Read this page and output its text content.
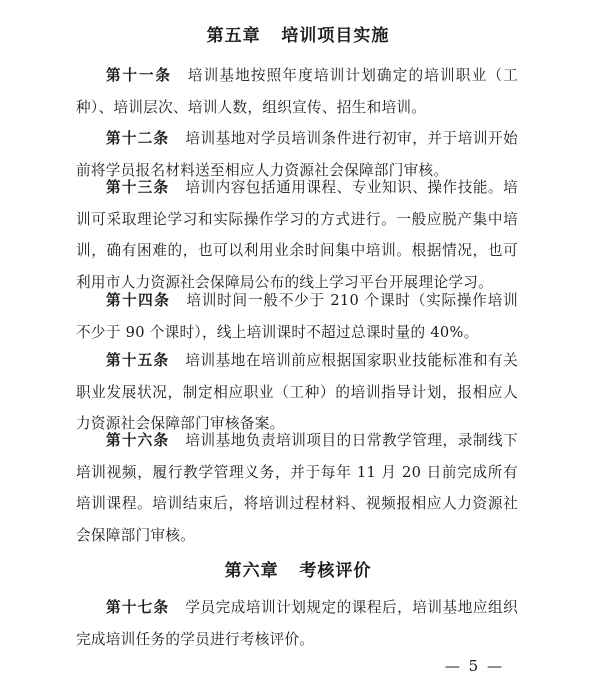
第五章   培训项目实施
第十一条 培训基地按照年度培训计划确定的培训职业（工种）、培训层次、培训人数，组织宣传、招生和培训。
第十二条 培训基地对学员培训条件进行初审，并于培训开始前将学员报名材料送至相应人力资源社会保障部门审核。
第十三条 培训内容包括通用课程、专业知识、操作技能。培训可采取理论学习和实际操作学习的方式进行。一般应脱产集中培训，确有困难的，也可以利用业余时间集中培训。根据情况，也可利用市人力资源社会保障局公布的线上学习平台开展理论学习。
第十四条 培训时间一般不少于 210 个课时（实际操作培训不少于 90 个课时），线上培训课时不超过总课时量的 40%。
第十五条 培训基地在培训前应根据国家职业技能标准和有关职业发展状况，制定相应职业（工种）的培训指导计划，报相应人力资源社会保障部门审核备案。
第十六条 培训基地负责培训项目的日常教学管理，录制线下培训视频，履行教学管理义务，并于每年 11 月 20 日前完成所有培训课程。培训结束后，将培训过程材料、视频报相应人力资源社会保障部门审核。
第六章   考核评价
第十七条 学员完成培训计划规定的课程后，培训基地应组织完成培训任务的学员进行考核评价。
— 5 —
